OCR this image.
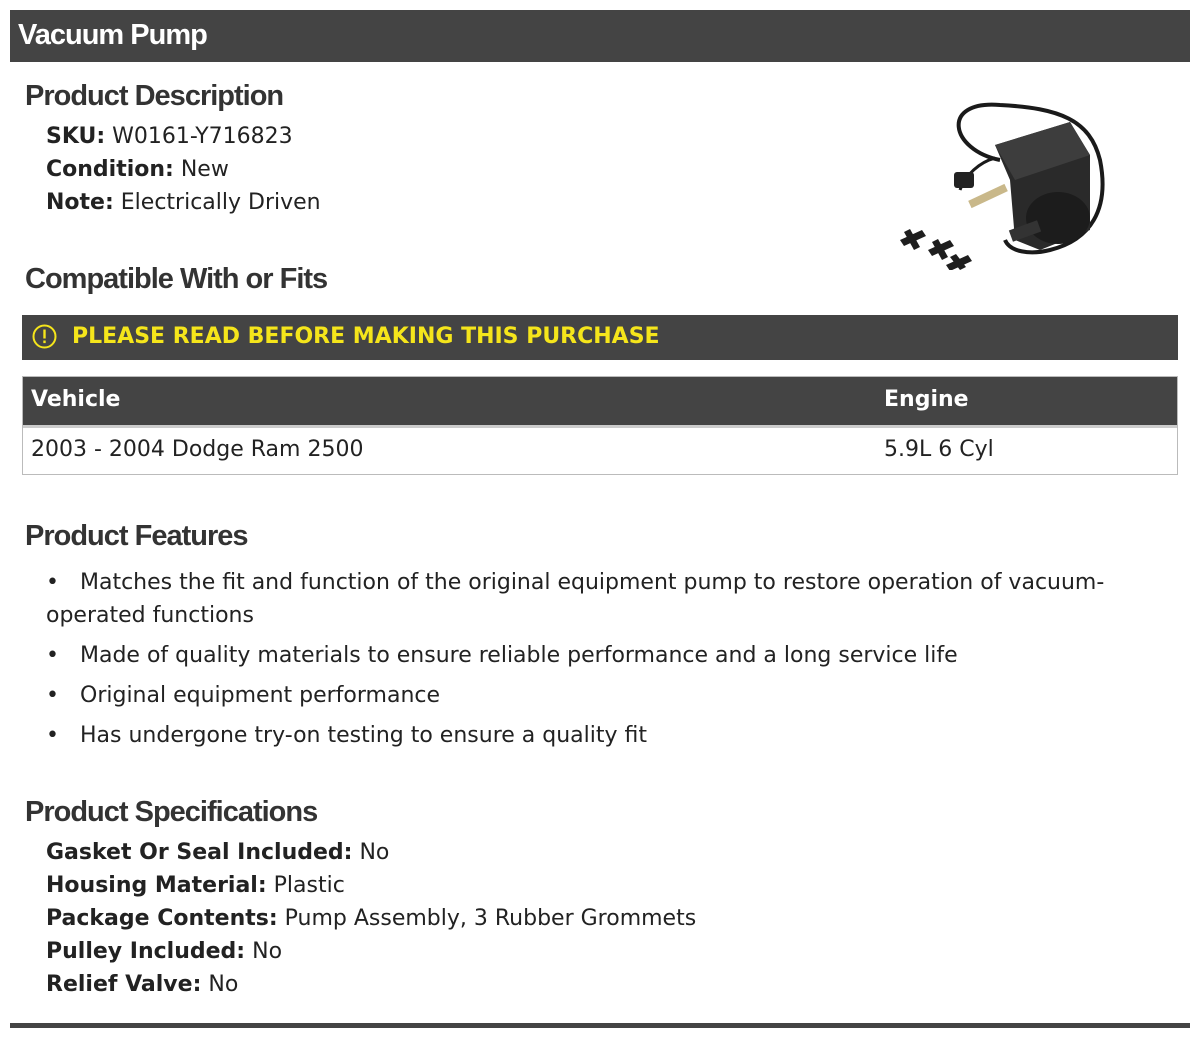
Vacuum Pump
Product Description
SKU: W0161-Y716823
Condition: New
Note: Electrically Driven
Compatible With or Fits
PLEASE READ BEFORE MAKING THIS PURCHASE
Vehicle	Engine
2003 - 2004 Dodge Ram 2500	5.9L 6 Cyl
Product Features
• Matches the fit and function of the original equipment pump to restore operation of vacuum-operated functions
• Made of quality materials to ensure reliable performance and a long service life
• Original equipment performance
• Has undergone try-on testing to ensure a quality fit
Product Specifications
Gasket Or Seal Included: No
Housing Material: Plastic
Package Contents: Pump Assembly, 3 Rubber Grommets
Pulley Included: No
Relief Valve: No
